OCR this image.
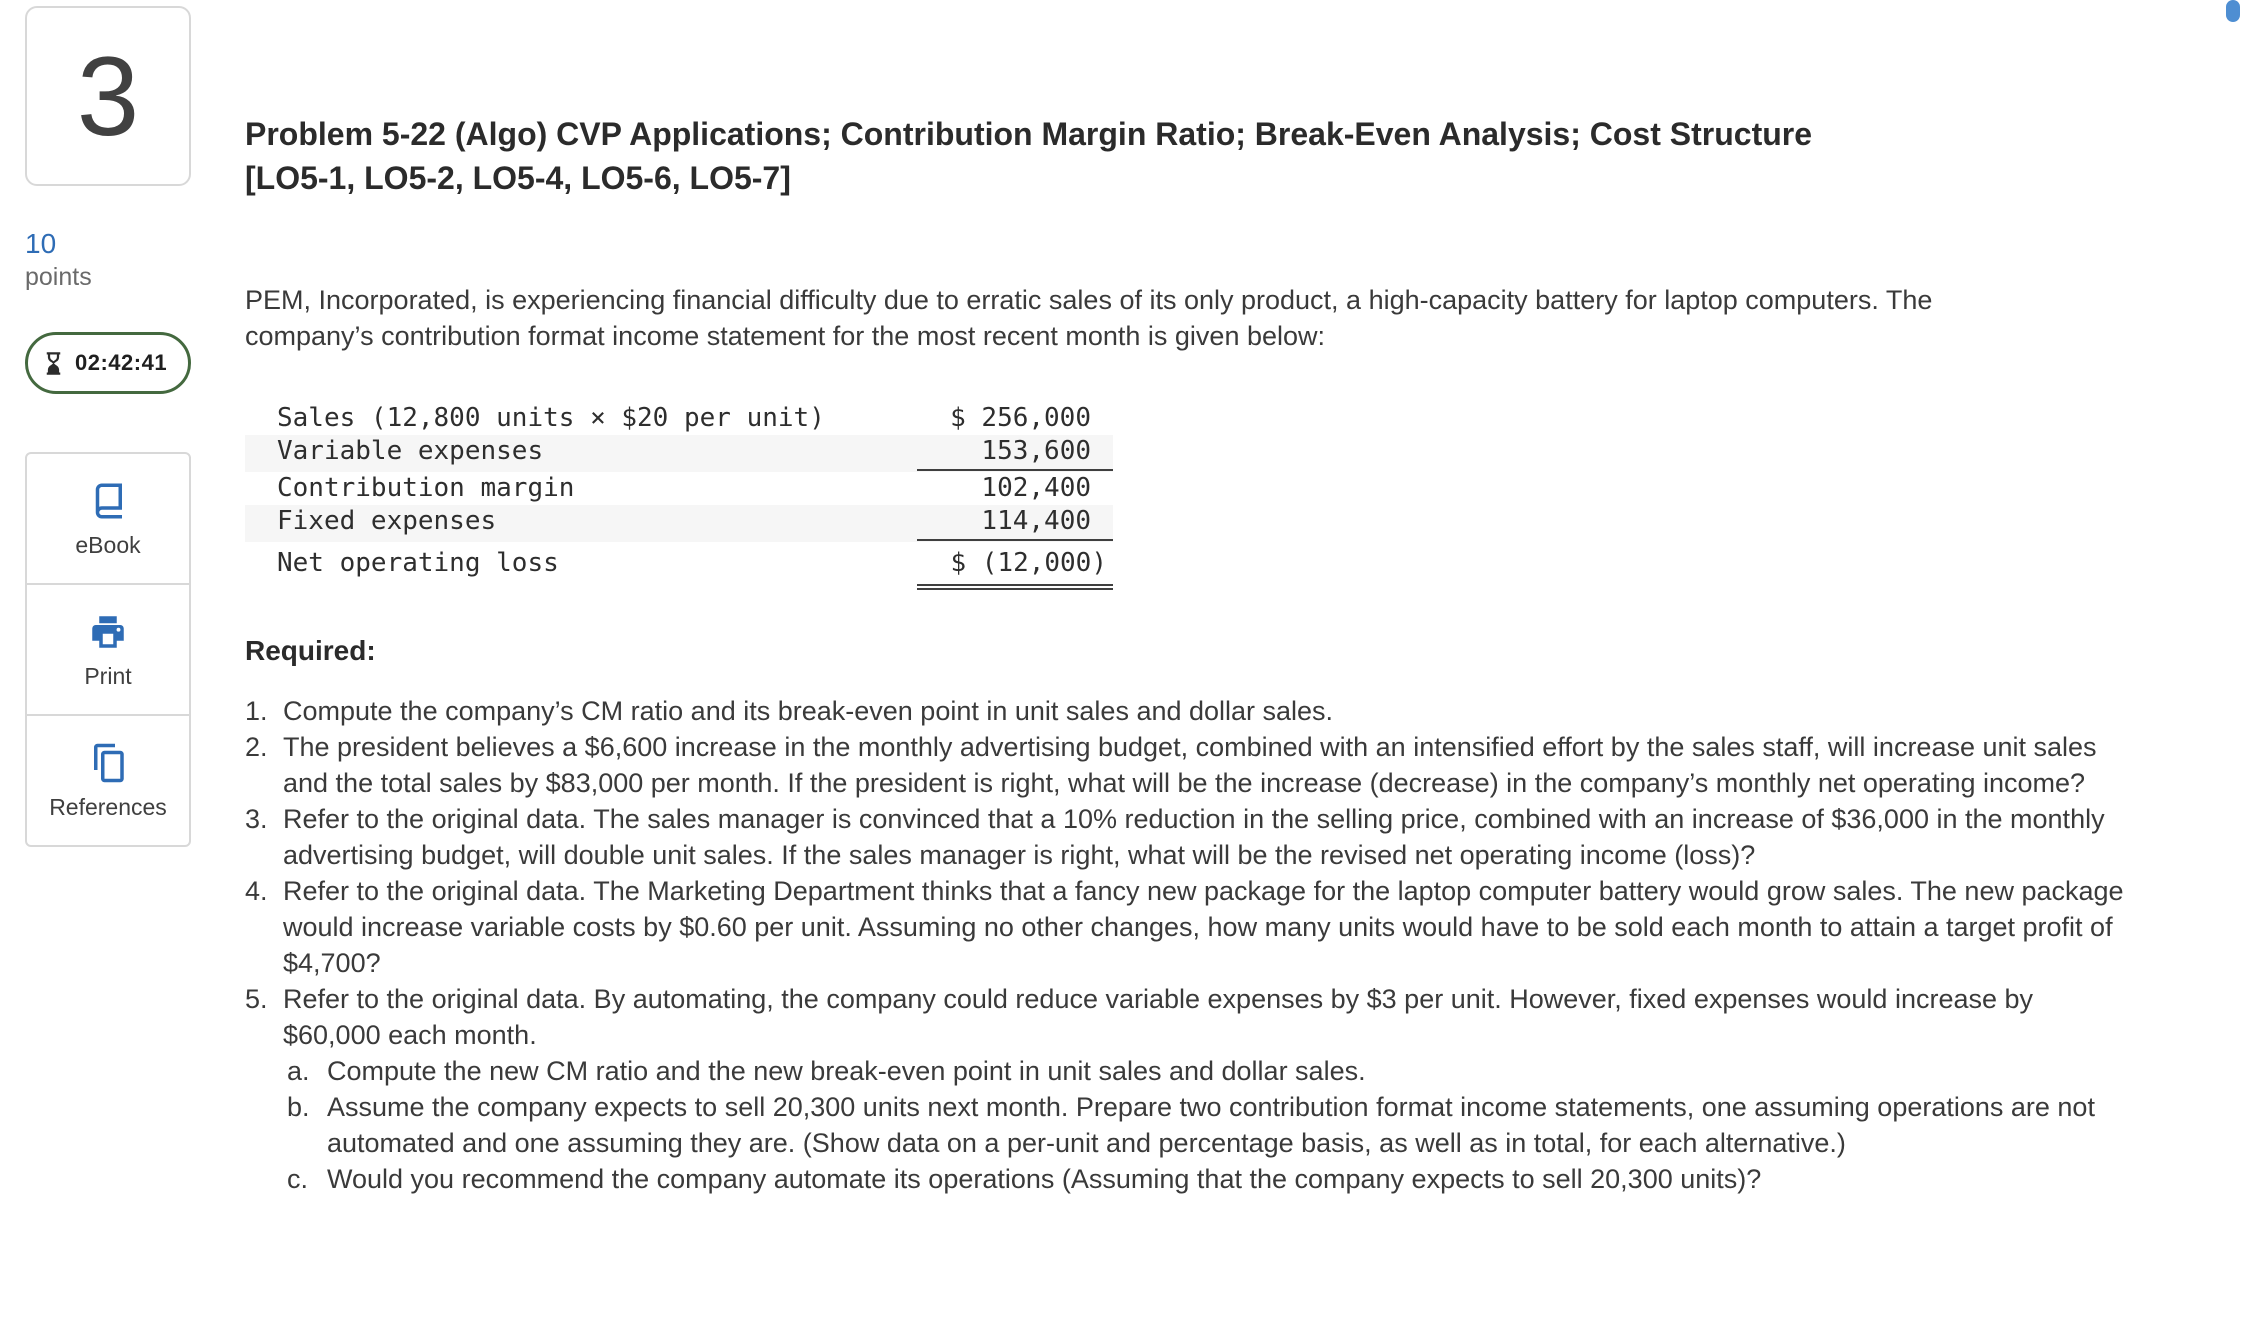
3
10
points
02:42:41
eBook
Print
References
Problem 5-22 (Algo) CVP Applications; Contribution Margin Ratio; Break-Even Analysis; Cost Structure
[LO5-1, LO5-2, LO5-4, LO5-6, LO5-7]

PEM, Incorporated, is experiencing financial difficulty due to erratic sales of its only product, a high-capacity battery for laptop computers. The company’s contribution format income statement for the most recent month is given below:

Sales (12,800 units × $20 per unit)	$ 256,000
Variable expenses	153,600
Contribution margin	102,400
Fixed expenses	114,400
Net operating loss	$ (12,000)
Required:
1. Compute the company’s CM ratio and its break-even point in unit sales and dollar sales.
2. The president believes a $6,600 increase in the monthly advertising budget, combined with an intensified effort by the sales staff, will increase unit sales and the total sales by $83,000 per month. If the president is right, what will be the increase (decrease) in the company’s monthly net operating income?
3. Refer to the original data. The sales manager is convinced that a 10% reduction in the selling price, combined with an increase of $36,000 in the monthly advertising budget, will double unit sales. If the sales manager is right, what will be the revised net operating income (loss)?
4. Refer to the original data. The Marketing Department thinks that a fancy new package for the laptop computer battery would grow sales. The new package would increase variable costs by $0.60 per unit. Assuming no other changes, how many units would have to be sold each month to attain a target profit of $4,700?
5. Refer to the original data. By automating, the company could reduce variable expenses by $3 per unit. However, fixed expenses would increase by $60,000 each month.
a. Compute the new CM ratio and the new break-even point in unit sales and dollar sales.
b. Assume the company expects to sell 20,300 units next month. Prepare two contribution format income statements, one assuming operations are not automated and one assuming they are. (Show data on a per-unit and percentage basis, as well as in total, for each alternative.)
c. Would you recommend the company automate its operations (Assuming that the company expects to sell 20,300 units)?
